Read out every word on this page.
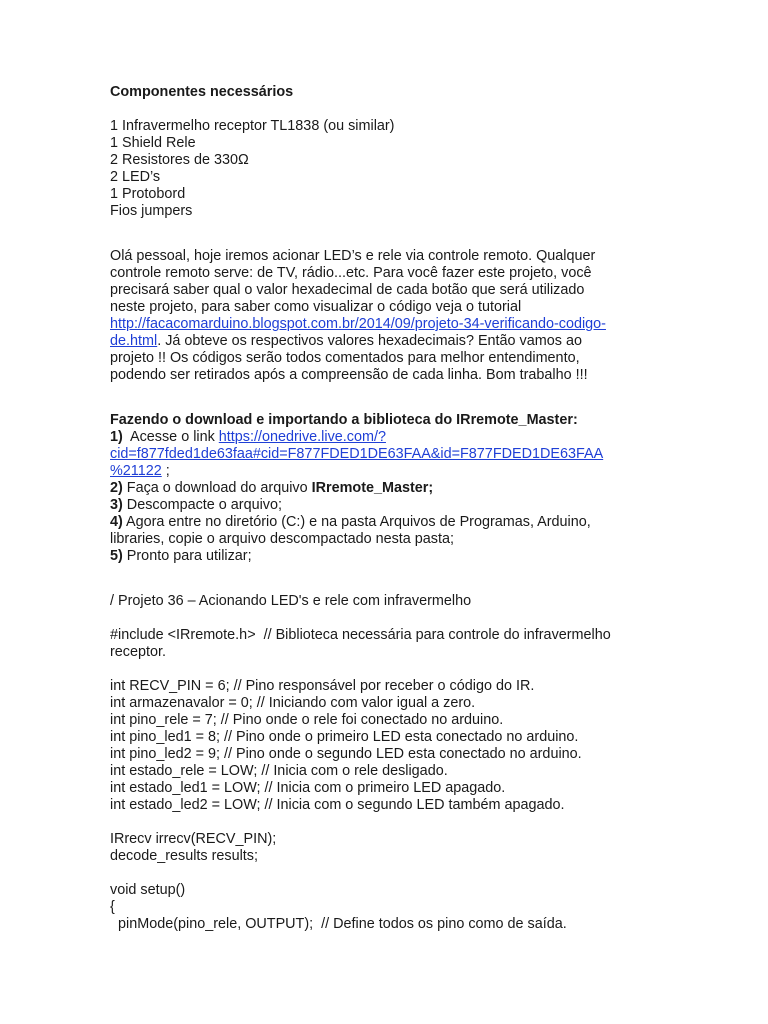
Componentes necessários
1 Infravermelho receptor TL1838 (ou similar)
1 Shield Rele
2 Resistores de 330Ω
2 LED’s
1 Protobord
Fios jumpers
Olá pessoal, hoje iremos acionar LED’s e rele via controle remoto. Qualquer
controle remoto serve: de TV, rádio...etc. Para você fazer este projeto, você
precisará saber qual o valor hexadecimal de cada botão que será utilizado
neste projeto, para saber como visualizar o código veja o tutorial
http://facacomarduino.blogspot.com.br/2014/09/projeto-34-verificando-codigo-
de.html. Já obteve os respectivos valores hexadecimais? Então vamos ao
projeto !! Os códigos serão todos comentados para melhor entendimento,
podendo ser retirados após a compreensão de cada linha. Bom trabalho !!!
Fazendo o download e importando a biblioteca do IRremote_Master:
1)  Acesse o link https://onedrive.live.com/?
cid=f877fded1de63faa#cid=F877FDED1DE63FAA&id=F877FDED1DE63FAA
%21122 ;
2) Faça o download do arquivo IRremote_Master;
3) Descompacte o arquivo;
4) Agora entre no diretório (C:) e na pasta Arquivos de Programas, Arduino,
libraries, copie o arquivo descompactado nesta pasta;
5) Pronto para utilizar;
/ Projeto 36 – Acionando LED's e rele com infravermelho
#include <IRremote.h>  // Biblioteca necessária para controle do infravermelho
receptor.
int RECV_PIN = 6; // Pino responsável por receber o código do IR.
int armazenavalor = 0; // Iniciando com valor igual a zero.
int pino_rele = 7; // Pino onde o rele foi conectado no arduino.
int pino_led1 = 8; // Pino onde o primeiro LED esta conectado no arduino.
int pino_led2 = 9; // Pino onde o segundo LED esta conectado no arduino.
int estado_rele = LOW; // Inicia com o rele desligado.
int estado_led1 = LOW; // Inicia com o primeiro LED apagado.
int estado_led2 = LOW; // Inicia com o segundo LED também apagado.
IRrecv irrecv(RECV_PIN);
decode_results results;
void setup()
{
pinMode(pino_rele, OUTPUT);  // Define todos os pino como de saída.
